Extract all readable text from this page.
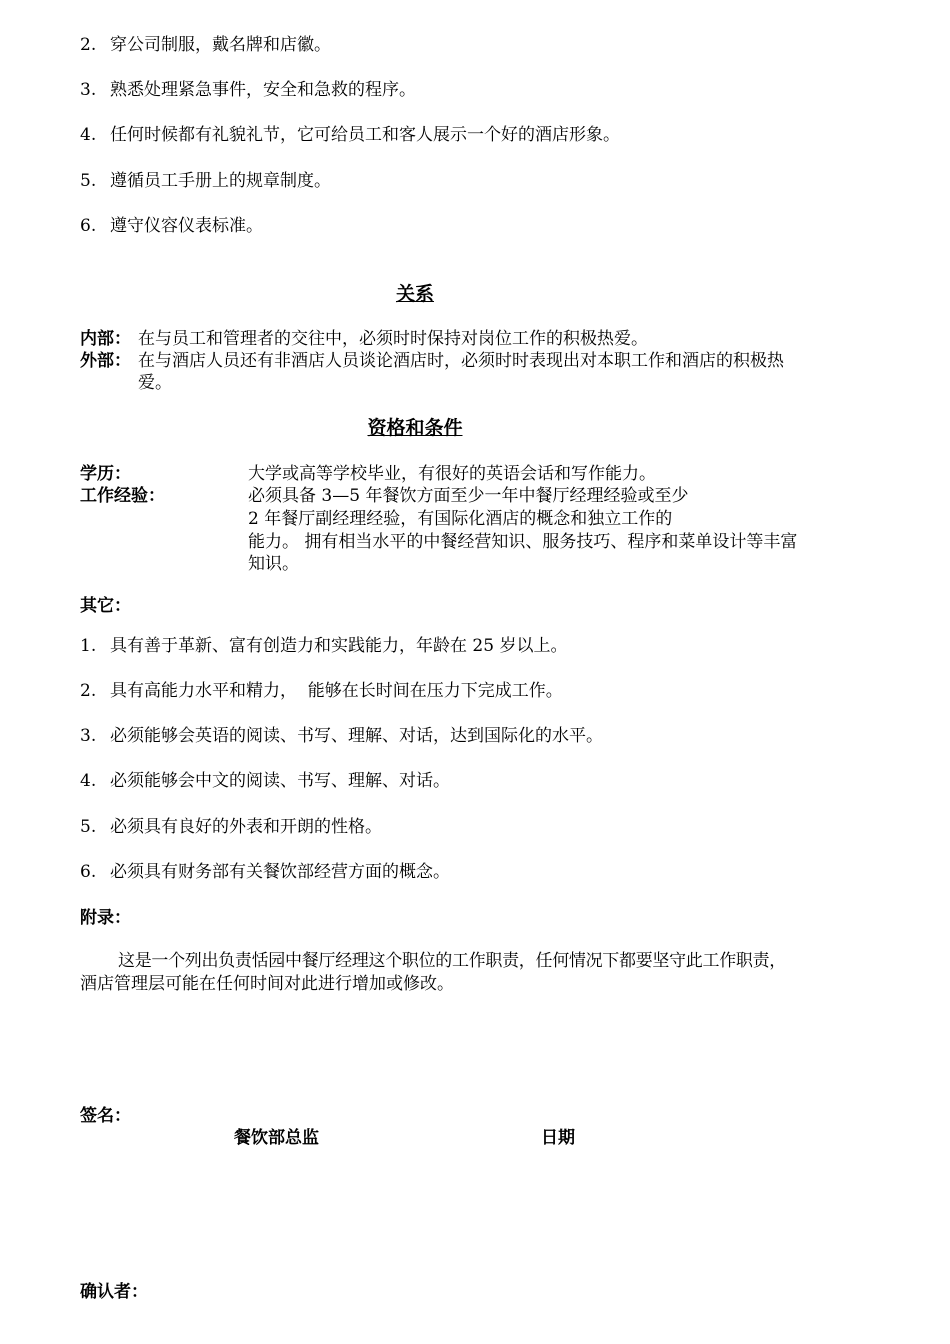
2. 穿公司制服，戴名牌和店徽。
3. 熟悉处理紧急事件，安全和急救的程序。
4. 任何时候都有礼貌礼节，它可给员工和客人展示一个好的酒店形象。
5. 遵循员工手册上的规章制度。
6. 遵守仪容仪表标准。
关系
内部： 在与员工和管理者的交往中，必须时时保持对岗位工作的积极热爱。
外部： 在与酒店人员还有非酒店人员谈论酒店时，必须时时表现出对本职工作和酒店的积极热
爱。
资格和条件
学历：	大学或高等学校毕业，有很好的英语会话和写作能力。
工作经验：	必须具备 3—5 年餐饮方面至少一年中餐厅经理经验或至少
2 年餐厅副经理经验，有国际化酒店的概念和独立工作的
能力。 拥有相当水平的中餐经营知识、服务技巧、程序和菜单设计等丰富
知识。
其它：
1. 具有善于革新、富有创造力和实践能力，年龄在 25 岁以上。
2. 具有高能力水平和精力，  能够在长时间在压力下完成工作。
3. 必须能够会英语的阅读、书写、理解、对话，达到国际化的水平。
4. 必须能够会中文的阅读、书写、理解、对话。
5. 必须具有良好的外表和开朗的性格。
6. 必须具有财务部有关餐饮部经营方面的概念。
附录：
这是一个列出负责恬园中餐厅经理这个职位的工作职责，任何情况下都要坚守此工作职责，
酒店管理层可能在任何时间对此进行增加或修改。
签名：
餐饮部总监	日期
确认者：
